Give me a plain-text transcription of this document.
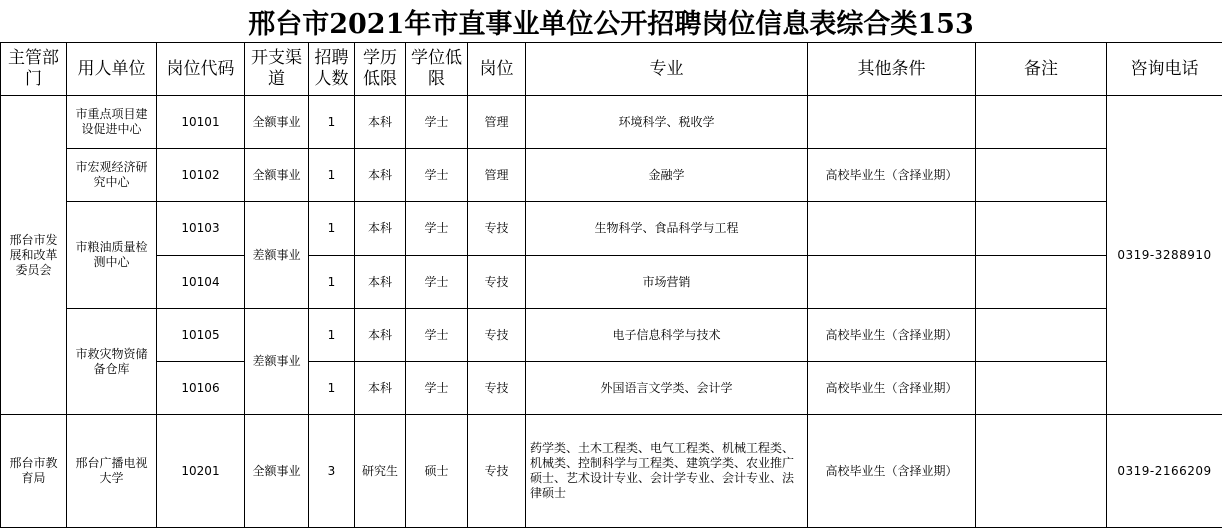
邢台市2021年市直事业单位公开招聘岗位信息表综合类153
主管部门	用人单位	岗位代码	开支渠道	招聘人数	学历低限	学位低限	岗位	专业	其他条件	备注	咨询电话
邢台市发展和改革委员会	市重点项目建设促进中心	10101	全额事业	1	本科	学士	管理	环境科学、税收学			0319-3288910
	市宏观经济研究中心	10102	全额事业	1	本科	学士	管理	金融学	高校毕业生（含择业期）		
	市粮油质量检测中心	10103	差额事业	1	本科	学士	专技	生物科学、食品科学与工程			
		10104		1	本科	学士	专技	市场营销			
	市救灾物资储备仓库	10105	差额事业	1	本科	学士	专技	电子信息科学与技术	高校毕业生（含择业期）		
		10106		1	本科	学士	专技	外国语言文学类、会计学	高校毕业生（含择业期）		
邢台市教育局	邢台广播电视大学	10201	全额事业	3	研究生	硕士	专技	药学类、土木工程类、电气工程类、机械工程类、机械类、控制科学与工程类、建筑学类、农业推广硕士、艺术设计专业、会计学专业、会计专业、法律硕士	高校毕业生（含择业期）		0319-2166209
